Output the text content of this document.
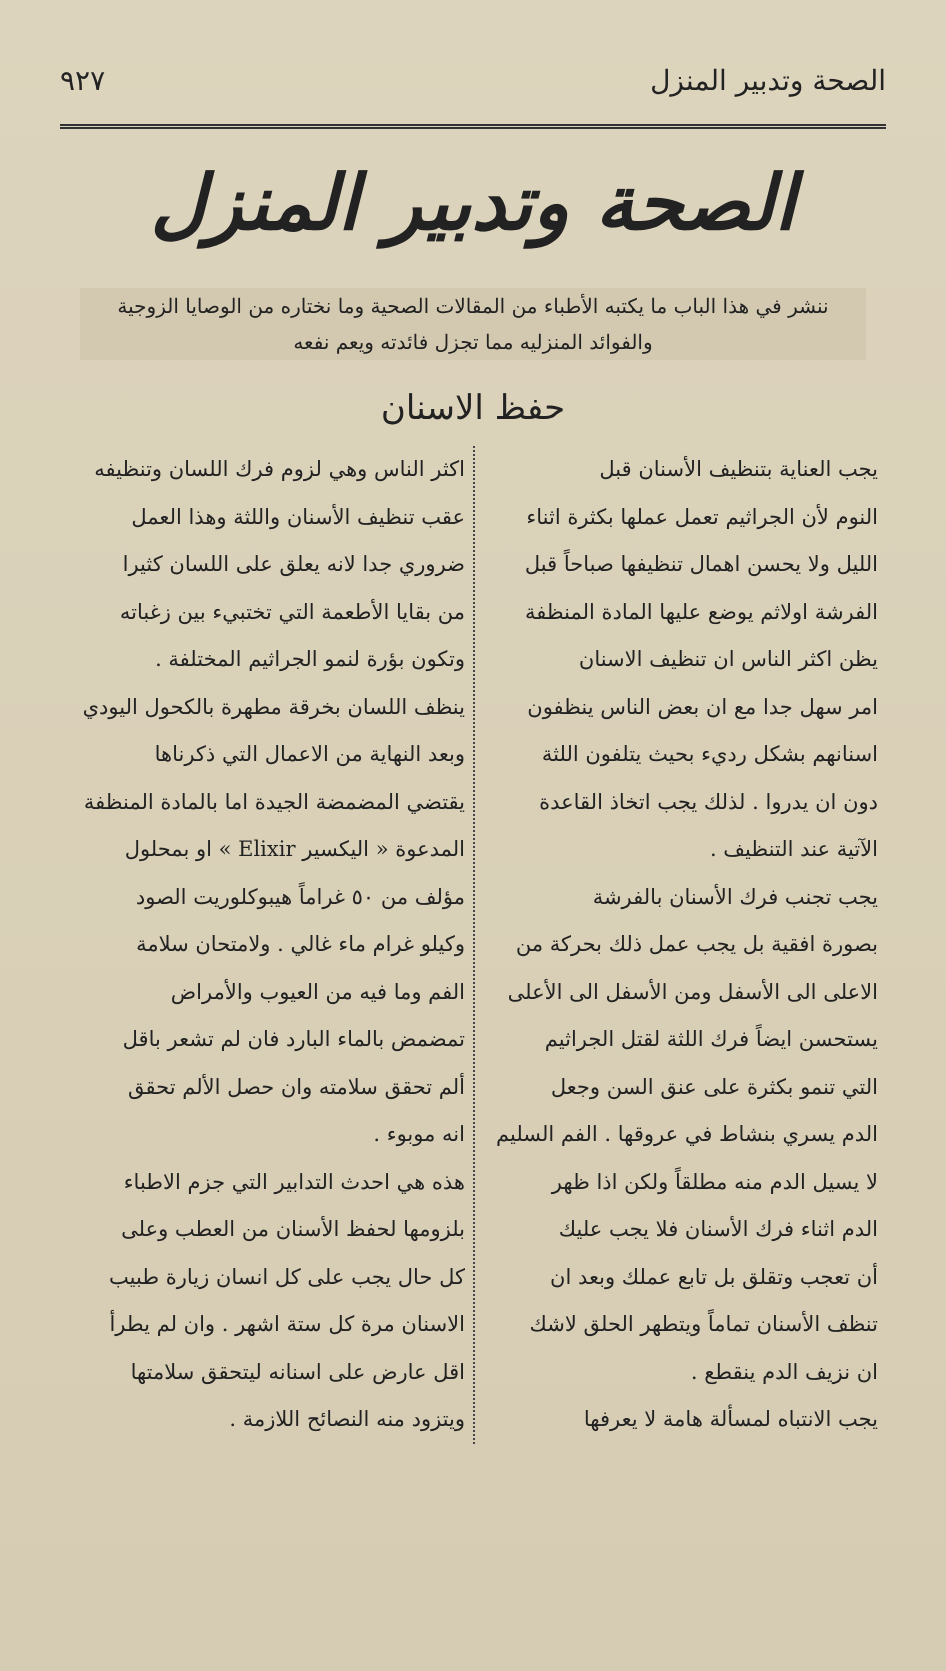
الصحة وتدبير المنزل
٩٢٧
الصحة وتدبير المنزل
ننشر في هذا الباب ما يكتبه الأطباء من المقالات الصحية وما نختاره من الوصايا الزوجية
والفوائد المنزليه مما تجزل فائدته ويعم نفعه
حفظ الاسنان
يجب العناية بتنظيف الأسنان قبل
النوم لأن الجراثيم تعمل عملها بكثرة اثناء
الليل ولا يحسن اهمال تنظيفها صباحاً قبل
الفرشة اولاثم يوضع عليها المادة المنظفة
يظن اكثر الناس ان تنظيف الاسنان
امر سهل جدا مع ان بعض الناس ينظفون
اسنانهم بشكل رديء بحيث يتلفون اللثة
دون ان يدروا . لذلك يجب اتخاذ القاعدة
الآتية عند التنظيف .
يجب تجنب فرك الأسنان بالفرشة
بصورة افقية بل يجب عمل ذلك بحركة من
الاعلى الى الأسفل ومن الأسفل الى الأعلى
يستحسن ايضاً فرك اللثة لقتل الجراثيم
التي تنمو بكثرة على عنق السن وجعل
الدم يسري بنشاط في عروقها . الفم السليم
لا يسيل الدم منه مطلقاً ولكن اذا ظهر
الدم اثناء فرك الأسنان فلا يجب عليك
أن تعجب وتقلق بل تابع عملك وبعد ان
تنظف الأسنان تماماً ويتطهر الحلق لاشك
ان نزيف الدم ينقطع .
يجب الانتباه لمسألة هامة لا يعرفها
اكثر الناس وهي لزوم فرك اللسان وتنظيفه
عقب تنظيف الأسنان واللثة وهذا العمل
ضروري جدا لانه يعلق على اللسان كثيرا
من بقايا الأطعمة التي تختبيء بين زغباته
وتكون بؤرة لنمو الجراثيم المختلفة .
ينظف اللسان بخرقة مطهرة بالكحول اليودي
وبعد النهاية من الاعمال التي ذكرناها
يقتضي المضمضة الجيدة اما بالمادة المنظفة
المدعوة « اليكسير Elixir » او بمحلول
مؤلف من ٥٠ غراماً هيبوكلوريت الصود
وكيلو غرام ماء غالي . ولامتحان سلامة
الفم وما فيه من العيوب والأمراض
تمضمض بالماء البارد فان لم تشعر باقل
ألم تحقق سلامته وان حصل الألم تحقق
انه موبوء .
هذه هي احدث التدابير التي جزم الاطباء
بلزومها لحفظ الأسنان من العطب وعلى
كل حال يجب على كل انسان زيارة طبيب
الاسنان مرة كل ستة اشهر . وان لم يطرأ
اقل عارض على اسنانه ليتحقق سلامتها
ويتزود منه النصائح اللازمة .
